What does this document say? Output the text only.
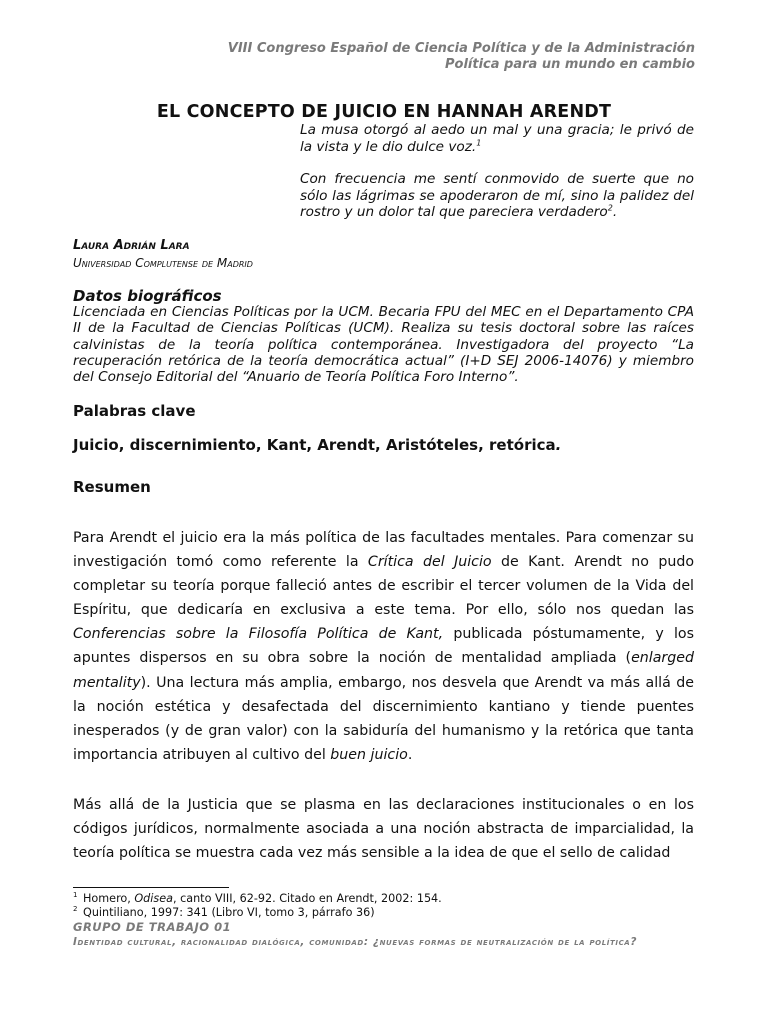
VIII Congreso Español de Ciencia Política y de la Administración
Política para un mundo en cambio
EL CONCEPTO DE JUICIO EN HANNAH ARENDT

La musa otorgó al aedo un mal y una gracia; le privó de la vista y le dio dulce voz.$^1$

Con frecuencia me sentí conmovido de suerte que no sólo las lágrimas se apoderaron de mí, sino la palidez del rostro y un dolor tal que pareciera verdadero$^2$.

Laura Adrián Lara
Universidad Complutense de Madrid
Datos biográficos

Licenciada en Ciencias Políticas por la UCM. Becaria FPU del MEC en el Departamento CPA II de la Facultad de Ciencias Políticas (UCM). Realiza su tesis doctoral sobre las raíces calvinistas de la teoría política contemporánea. Investigadora del proyecto “La recuperación retórica de la teoría democrática actual” (I+D SEJ 2006-14076) y miembro del Consejo Editorial del “Anuario de Teoría Política Foro Interno”.

Palabras clave
Juicio, discernimiento, Kant, Arendt, Aristóteles, retórica.
Resumen

Para Arendt el juicio era la más política de las facultades mentales. Para comenzar su investigación tomó como referente la Crítica del Juicio de Kant. Arendt no pudo completar su teoría porque falleció antes de escribir el tercer volumen de la Vida del Espíritu, que dedicaría en exclusiva a este tema. Por ello, sólo nos quedan las Conferencias sobre la Filosofía Política de Kant, publicada póstumamente, y los apuntes dispersos en su obra sobre la noción de mentalidad ampliada (enlarged mentality). Una lectura más amplia, embargo, nos desvela que Arendt va más allá de la noción estética y desafectada del discernimiento kantiano y tiende puentes inesperados (y de gran valor) con la sabiduría del humanismo y la retórica que tanta importancia atribuyen al cultivo del buen juicio.

Más allá de la Justicia que se plasma en las declaraciones institucionales o en los códigos jurídicos, normalmente asociada a una noción abstracta de imparcialidad, la teoría política se muestra cada vez más sensible a la idea de que el sello de calidad

$^1$ Homero, Odisea, canto VIII, 62-92. Citado en Arendt, 2002: 154.
$^2$ Quintiliano, 1997: 341 (Libro VI, tomo 3, párrafo 36)
GRUPO DE TRABAJO 01
Identidad cultural, racionalidad dialógica, comunidad: ¿nuevas formas de neutralización de la política?
